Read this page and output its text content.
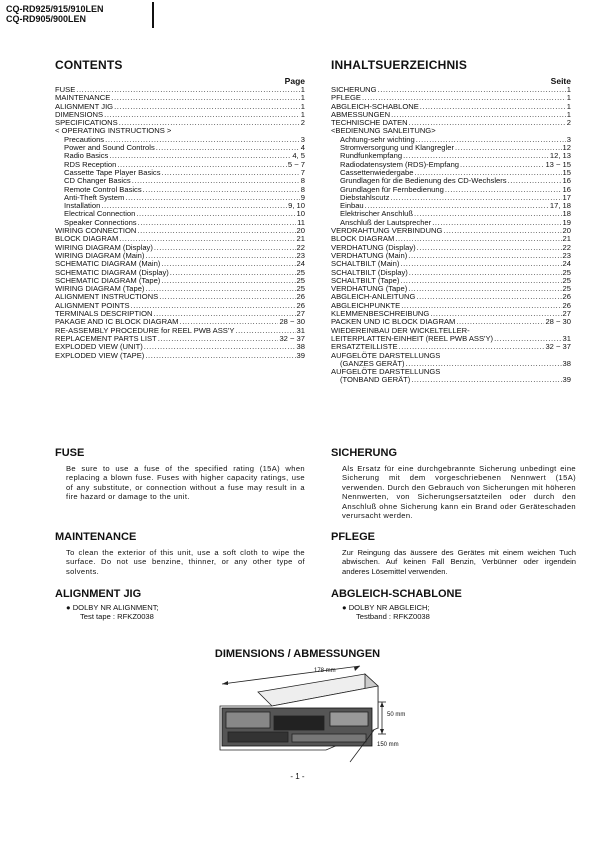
CQ-RD925/915/910LEN
CQ-RD905/900LEN
CONTENTS
Page
FUSE .....	1
MAINTENANCE .....	1
ALIGNMENT JIG .....	1
DIMENSIONS .....	1
SPECIFICATIONS .....	2
< OPERATING INSTRUCTIONS >
Precautions .....	3
Power and Sound Controls .....	4
Radio Basics .....	4, 5
RDS Reception .....	5 ~ 7
Cassette Tape Player Basics .....	7
CD Changer Basics .....	8
Remote Control Basics .....	8
Anti-Theft System .....	9
Installation .....	9, 10
Electrical Connection .....	10
Speaker Connections .....	11
WIRING CONNECTION .....	20
BLOCK DIAGRAM .....	21
WIRING DIAGRAM (Display) .....	22
WIRING DIAGRAM (Main) .....	23
SCHEMATIC DIAGRAM (Main) .....	24
SCHEMATIC DIAGRAM (Display) .....	25
SCHEMATIC DIAGRAM (Tape) .....	25
WIRING DIAGRAM (Tape) .....	25
ALIGNMENT INSTRUCTIONS .....	26
ALIGNMENT POINTS .....	26
TERMINALS DESCRIPTION .....	27
PAKAGE AND IC BLOCK DIAGRAM .....	28 ~ 30
RE-ASSEMBLY PROCEDURE for REEL PWB ASS'Y .....	31
REPLACEMENT PARTS LIST .....	32 ~ 37
EXPLODED VIEW (UNIT) .....	38
EXPLODED VIEW (TAPE) .....	39
INHALTSUERZEICHNIS
Seite
SICHERUNG .....	1
PFLEGE .....	1
ABGLEICH-SCHABLONE .....	1
ABMESSUNGEN .....	1
TECHNISCHE DATEN .....	2
<BEDIENUNG SANLEITUNG>
Achtung-sehr wichting .....	3
Stromversorgung und Klangregler .....	12
Rundfunkempfang .....	12, 13
Radiodatensystem (RDS)-Empfang .....	13 ~ 15
Cassettenwiedergabe .....	15
Grundlagen für die Bedienung des CD-Wechslers .....	16
Grundlagen für Fernbedienung .....	16
Diebstahlscutz .....	17
Einbau .....	17, 18
Elektrischer Anschluß .....	18
Anschluß der Lautsprecher .....	19
VERDRAHTUNG VERBINDUNG .....	20
BLOCK DIAGRAM .....	21
VERDHATUNG (Display) .....	22
VERDHATUNG (Main) .....	23
SCHALTBILT (Main) .....	24
SCHALTBILT (Display) .....	25
SCHALTBILT (Tape) .....	25
VERDHATUNG (Tape) .....	25
ABGLEICH-ANLEITUNG .....	26
ABGLEICHPUNKTE .....	26
KLEMMENBESCHREIBUNG .....	27
PACKEN UND IC BLOCK DIAGRAM .....	28 ~ 30
WIEDEREINBAU DER WICKELTELLER-
LEITERPLATTEN-EINHEIT (REEL PWB ASS'Y) .....	31
ERSATZTEILLISTE .....	32 ~ 37
AUFGELÖTE DARSTELLUNGS
(GANZES GERÄT) .....	38
AUFGELÖTE DARSTELLUNGS
(TONBAND GERÄT) .....	39
FUSE
Be sure to use a fuse of the specified rating (15A) when replacing a blown fuse. Fuses with higher capacity ratings, use of any substitute, or connection without a fuse may result in a fire hazard or damage to the unit.
SICHERUNG
Als Ersatz für eine durchgebrannte Sicherung unbedingt eine Sicherung mit dem vorgeschriebenen Nennwert (15A) verwenden. Durch den Gebrauch von Sicherungen mit höheren Nennwerten, von Sicherungsersatzteilen oder durch den Anschluß ohne Sicherung kann ein Brand oder Geräteschaden verursacht werden.
MAINTENANCE
To clean the exterior of this unit, use a soft cloth to wipe the surface. Do not use benzine, thinner, or any other type of solvents.
PFLEGE
Zur Reingung das äussere des Gerätes mit einem weichen Tuch abwischen. Auf keinen Fall Benzin, Verbünner oder irgendein anderes Lösemittel verwenden.
ALIGNMENT JIG
● DOLBY NR ALIGNMENT;
Test tape : RFKZ0038
ABGLEICH-SCHABLONE
● DOLBY NR ABGLEICH;
Testband : RFKZ0038
DIMENSIONS / ABMESSUNGEN
178 mm
50 mm
150 mm
- 1 -
